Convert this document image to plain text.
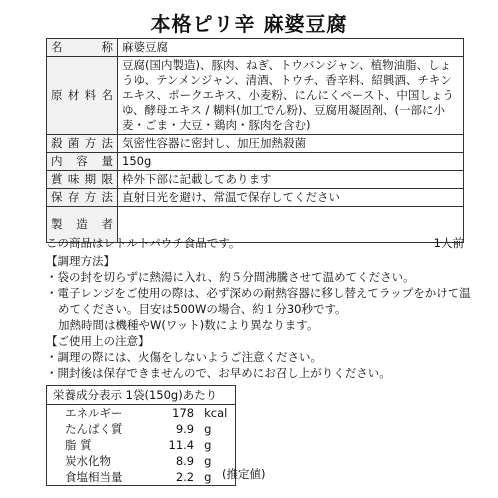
本格ピリ辛 麻婆豆腐
名 称	麻婆豆腐
原材料名	豆腐(国内製造)、豚肉、ねぎ、トウバンジャン、植物油脂、しょうゆ、テンメンジャン、清酒、トウチ、香辛料、紹興酒、チキンエキス、ポークエキス、小麦粉、にんにくペースト、中国しょうゆ、酵母エキス / 糊料(加工でん粉)、豆腐用凝固剤、(一部に小麦・ごま・大豆・鶏肉・豚肉を含む)
殺菌方法	気密性容器に密封し、加圧加熱殺菌
内容量	150g
賞味期限	枠外下部に記載してあります
保存方法	直射日光を避け、常温で保存してください
製造者	
この商品はレトルトパウチ食品です。	1人前
【調理方法】
・袋の封を切らずに熱湯に入れ、約５分間沸騰させて温めてください。
・電子レンジをご使用の際は、必ず深めの耐熱容器に移し替えてラップをかけて温めてください。目安は500Wの場合、約１分30秒です。
加熱時間は機種やW(ワット)数により異なります。
【ご使用上の注意】
・調理の際には、火傷をしないようご注意ください。
・開封後は保存できませんので、お早めにお召し上がりください。
栄養成分表示 1袋(150g)あたり		
エネルギー	178	kcal
たんぱく質	9.9	g
脂 質	11.4	g
炭水化物	8.9	g
食塩相当量	2.2	g (推定値)
